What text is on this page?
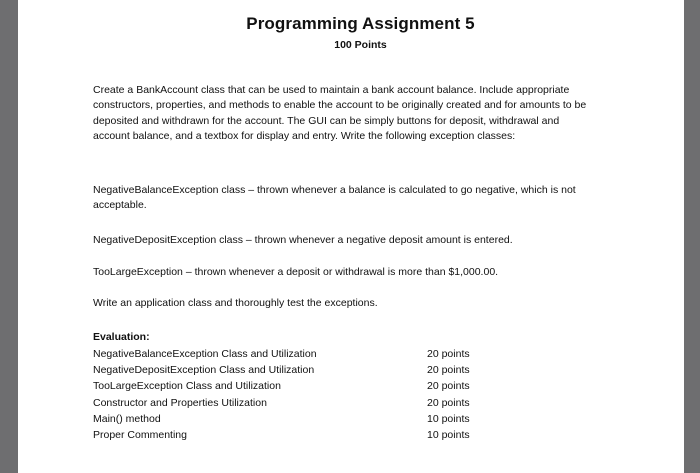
Programming Assignment 5
100 Points

Create a BankAccount class that can be used to maintain a bank account balance. Include appropriate constructors, properties, and methods to enable the account to be originally created and for amounts to be deposited and withdrawn for the account. The GUI can be simply buttons for deposit, withdrawal and account balance, and a textbox for display and entry. Write the following exception classes:

NegativeBalanceException class – thrown whenever a balance is calculated to go negative, which is not acceptable.

NegativeDepositException class – thrown whenever a negative deposit amount is entered.

TooLargeException – thrown whenever a deposit or withdrawal is more than $1,000.00.

Write an application class and thoroughly test the exceptions.

Evaluation:
NegativeBalanceException Class and Utilization	20 points
NegativeDepositException Class and Utilization	20 points
TooLargeException Class and Utilization	20 points
Constructor and Properties Utilization	20 points
Main() method	10 points
Proper Commenting	10 points
